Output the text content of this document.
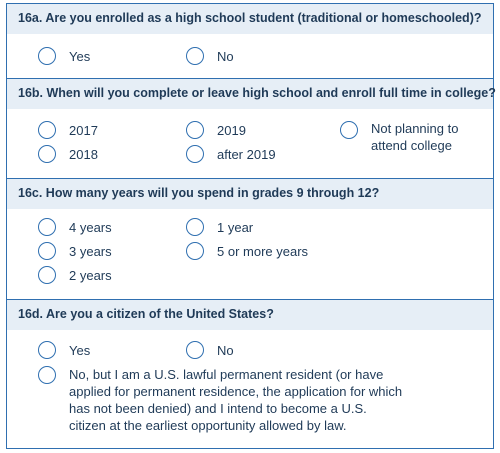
16a. Are you enrolled as a high school student (traditional or homeschooled)?
Yes	No
16b. When will you complete or leave high school and enroll full time in college?
2017	2019	Not planning to
attend college
2018	after 2019
16c. How many years will you spend in grades 9 through 12?
4 years	1 year
3 years	5 or more years
2 years
16d. Are you a citizen of the United States?
Yes	No
No, but I am a U.S. lawful permanent resident (or have
applied for permanent residence, the application for which
has not been denied) and I intend to become a U.S.
citizen at the earliest opportunity allowed by law.
